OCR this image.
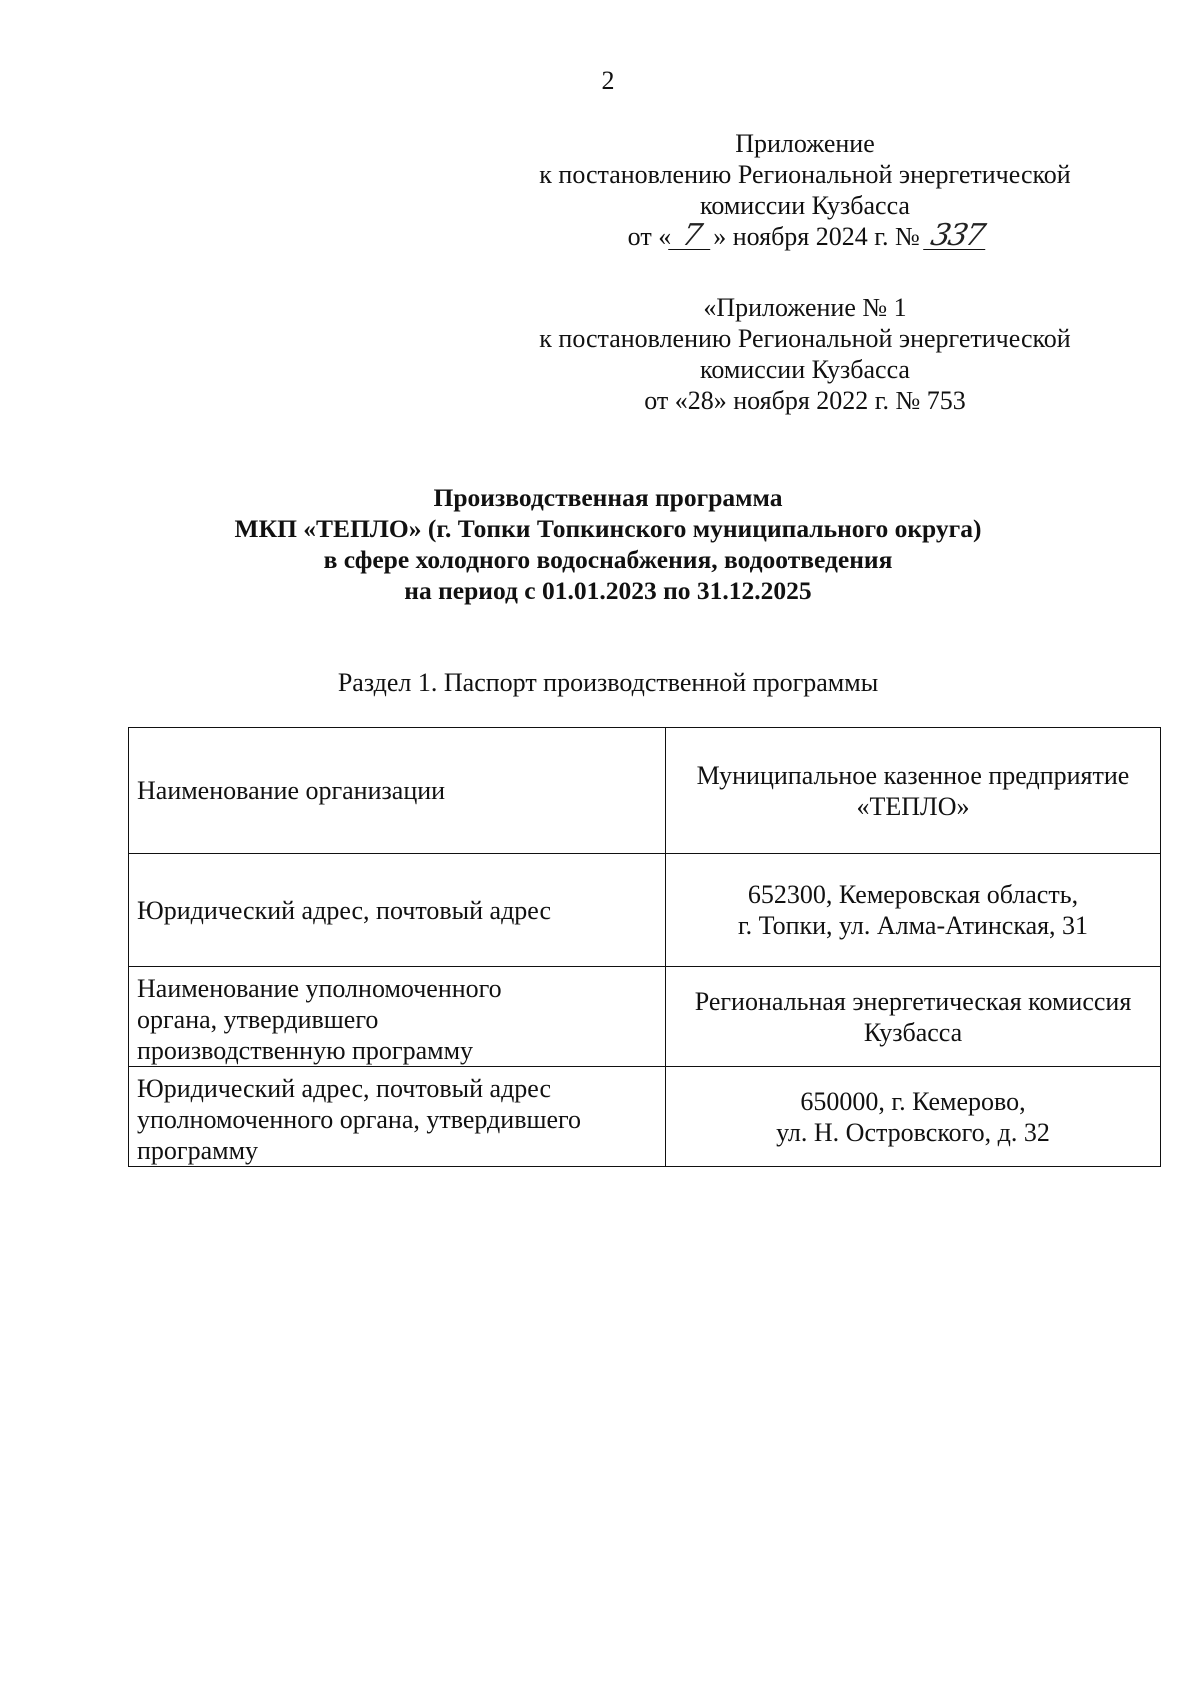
2
Приложение
к постановлению Региональной энергетической
комиссии Кузбасса
от « 7 » ноября 2024 г. № 337
«Приложение № 1
к постановлению Региональной энергетической
комиссии Кузбасса
от «28» ноября 2022 г. № 753
Производственная программа
МКП «ТЕПЛО» (г. Топки Топкинского муниципального округа)
в сфере холодного водоснабжения, водоотведения
на период с 01.01.2023 по 31.12.2025
Раздел 1. Паспорт производственной программы
Наименование организации	Муниципальное казенное предприятие
«ТЕПЛО»

Юридический адрес, почтовый адрес	652300, Кемеровская область,
г. Топки, ул. Алма-Атинская, 31

Наименование уполномоченного
органа, утвердившего
производственную программу	Региональная энергетическая комиссия
Кузбасса

Юридический адрес, почтовый адрес
уполномоченного органа, утвердившего
программу	650000, г. Кемерово,
ул. Н. Островского, д. 32
